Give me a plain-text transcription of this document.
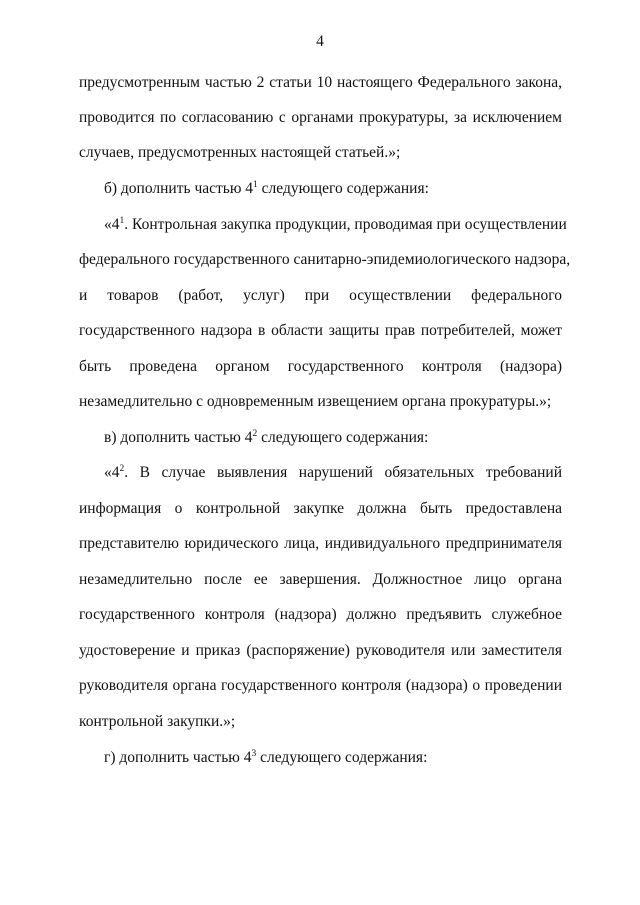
4
предусмотренным частью 2 статьи 10 настоящего Федерального закона,
проводится по согласованию с органами прокуратуры, за исключением
случаев, предусмотренных настоящей статьей.»;
б) дополнить частью $4^1$ следующего содержания:
«$4^1$. Контрольная закупка продукции, проводимая при осуществлении
федерального государственного санитарно-эпидемиологического надзора,
и товаров (работ, услуг) при осуществлении федерального
государственного надзора в области защиты прав потребителей, может
быть проведена органом государственного контроля (надзора)
незамедлительно с одновременным извещением органа прокуратуры.»;
в) дополнить частью $4^2$ следующего содержания:
«$4^2$. В случае выявления нарушений обязательных требований
информация о контрольной закупке должна быть предоставлена
представителю юридического лица, индивидуального предпринимателя
незамедлительно после ее завершения. Должностное лицо органа
государственного контроля (надзора) должно предъявить служебное
удостоверение и приказ (распоряжение) руководителя или заместителя
руководителя органа государственного контроля (надзора) о проведении
контрольной закупки.»;
г) дополнить частью $4^3$ следующего содержания:
